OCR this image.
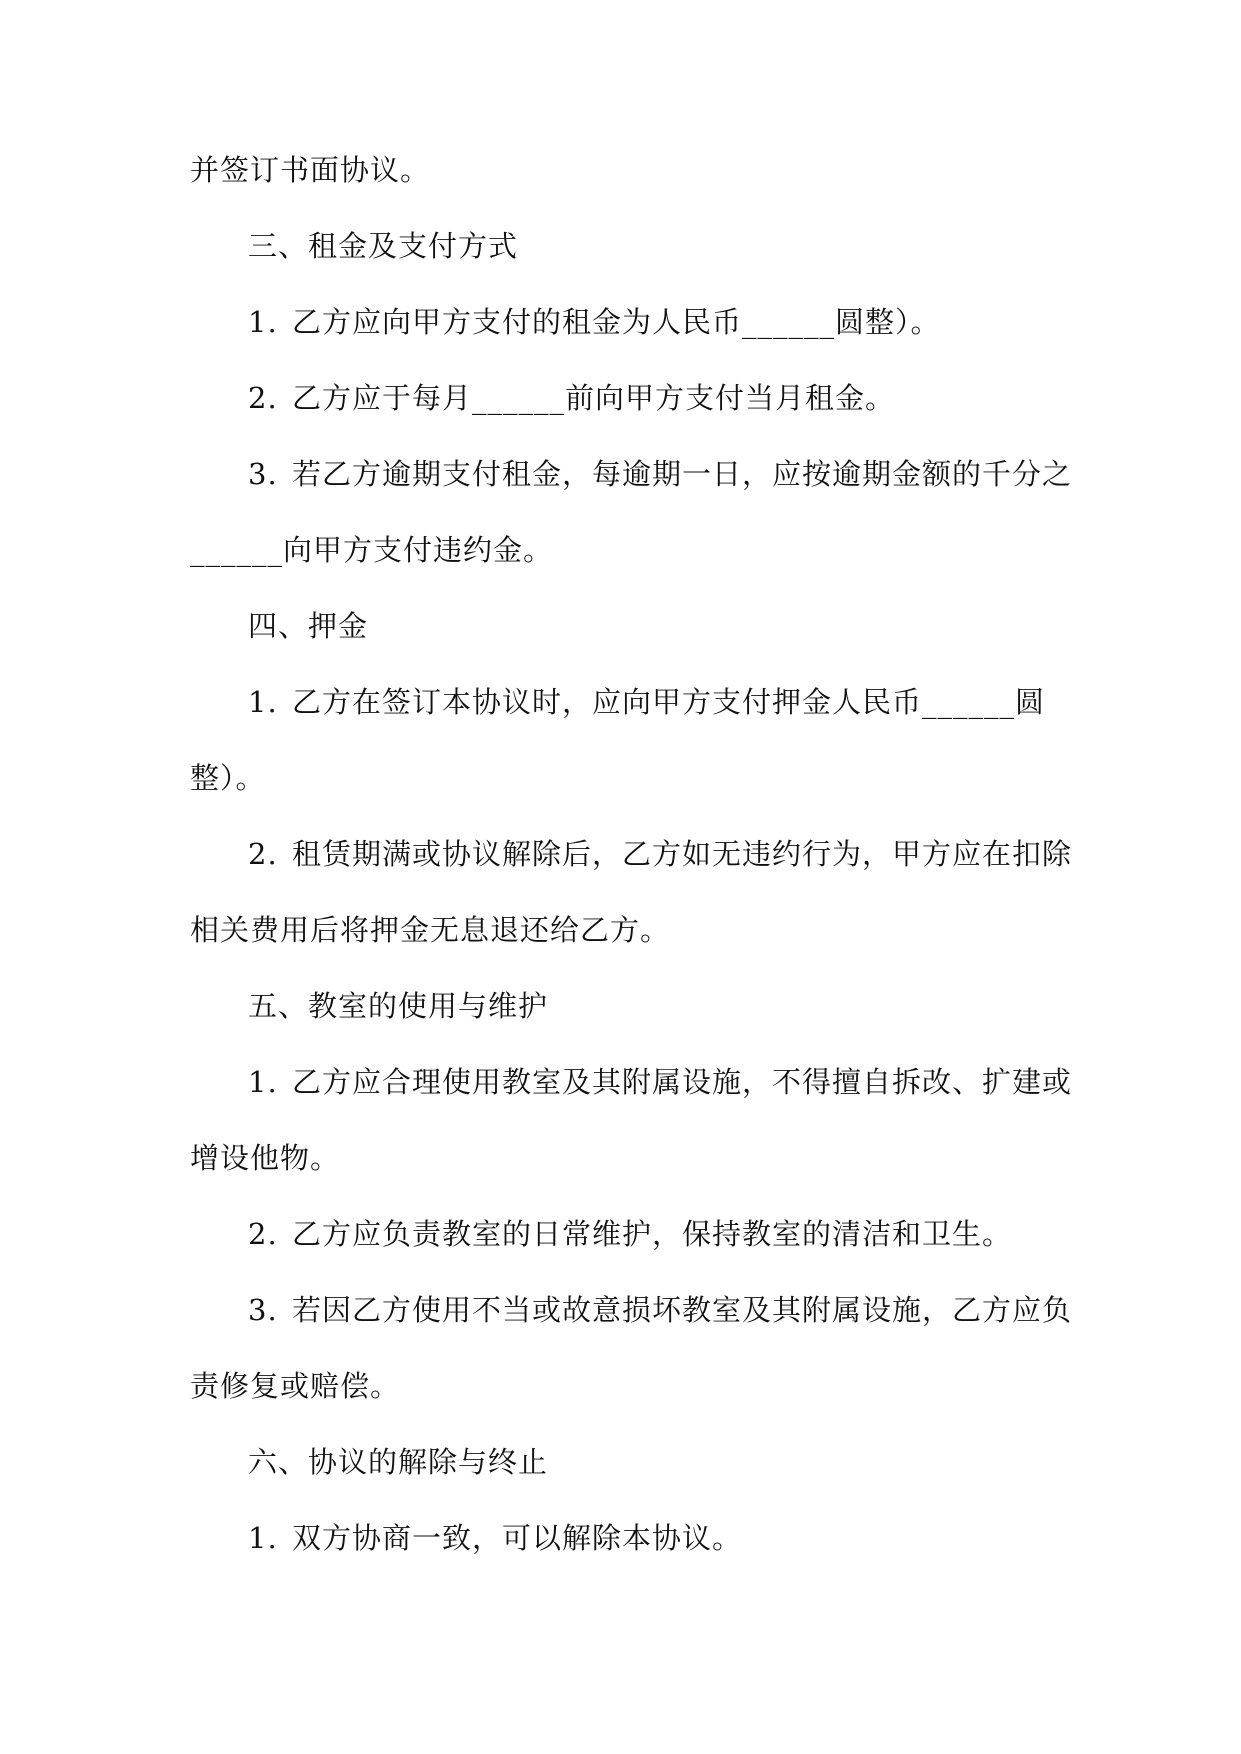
并签订书面协议。
三、租金及支付方式
1. 乙方应向甲方支付的租金为人民币______圆整）。
2. 乙方应于每月______前向甲方支付当月租金。
3. 若乙方逾期支付租金，每逾期一日，应按逾期金额的千分之
______向甲方支付违约金。
四、押金
1. 乙方在签订本协议时，应向甲方支付押金人民币______圆
整）。
2. 租赁期满或协议解除后，乙方如无违约行为，甲方应在扣除
相关费用后将押金无息退还给乙方。
五、教室的使用与维护
1. 乙方应合理使用教室及其附属设施，不得擅自拆改、扩建或
增设他物。
2. 乙方应负责教室的日常维护，保持教室的清洁和卫生。
3. 若因乙方使用不当或故意损坏教室及其附属设施，乙方应负
责修复或赔偿。
六、协议的解除与终止
1. 双方协商一致，可以解除本协议。
